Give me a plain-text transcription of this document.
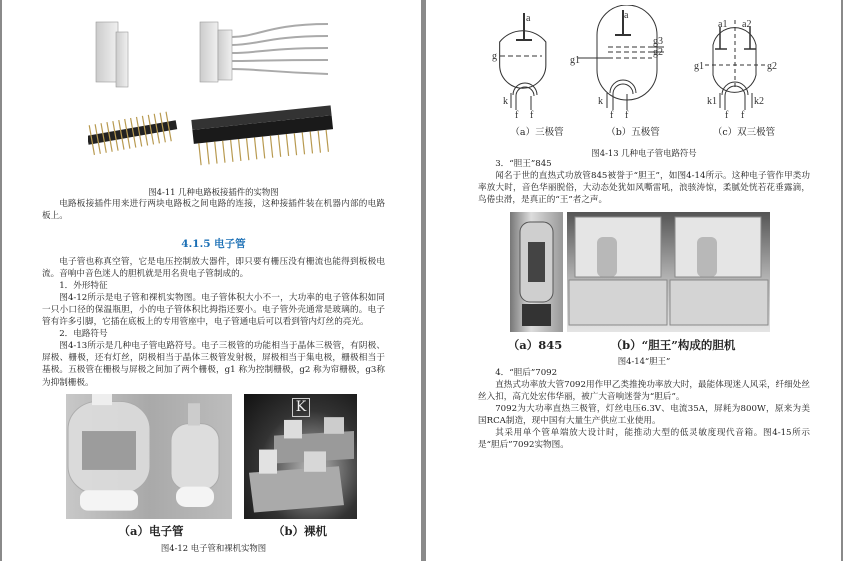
图4-11 几种电路板接插件的实物图
电路板接插件用来进行两块电路板之间电路的连接，这种接插件装在机器内部的电路板上。
4.1.5 电子管
电子管也称真空管，它是电压控制放大器件，即只要有栅压没有栅流也能得到板极电流。音响中音色迷人的胆机就是用名贵电子管制成的。
1．外形特征
图4-12所示是电子管和裸机实物图。电子管体积大小不一，大功率的电子管体积如同一只小口径的保温瓶胆，小的电子管体积比拇指还要小。电子管外壳通常是玻璃的。电子管有许多引脚，它插在底板上的专用管座中，电子管通电后可以看到管内灯丝的亮光。
2．电路符号
图4-13所示是几种电子管电路符号。电子三极管的功能相当于晶体三极管，有阴极、屏极、栅极，还有灯丝，阴极相当于晶体三极管发射极，屏极相当于集电极，栅极相当于基极。五极管在栅极与屏极之间加了两个栅极，g1 称为控制栅极，g2 称为帘栅极，g3称为抑制栅极。
K
（a）电子管	（b）裸机
图4-12 电子管和裸机实物图
a
g
k
f f
a
g3
g2
g1
k
f f
a1 a2
g1	g2
k1	k2
f f
（a）三极管	（b）五极管	（c）双三极管
图4-13 几种电子管电路符号
3．“胆王”845
闻名于世的直热式功放管845被誉于“胆王”，如图4-14所示。这种电子管作甲类功率放大时，音色华丽脱俗，大动态处犹如风嘶雷吼，浪骇涛惊，柔腻处恍若花垂露滴，鸟倦虫滑，是真正的“王”者之声。
（a）845	（b）“胆王”构成的胆机
图4-14“胆王”
4．“胆后”7092
直热式功率放大管7092用作甲乙类推挽功率放大时，最能体现迷人风采，纤细处丝丝入扣，高亢处宏伟华丽，被广大音响迷誉为“胆后”。
7092为大功率直热三极管，灯丝电压6.3V、电流35A，屏耗为800W，原来为美国RCA制造，现中国有大量生产供应工业使用。
其采用单个管单端放大设计时，能推动大型的低灵敏度现代音箱。图4-15所示是“胆后”7092实物图。
